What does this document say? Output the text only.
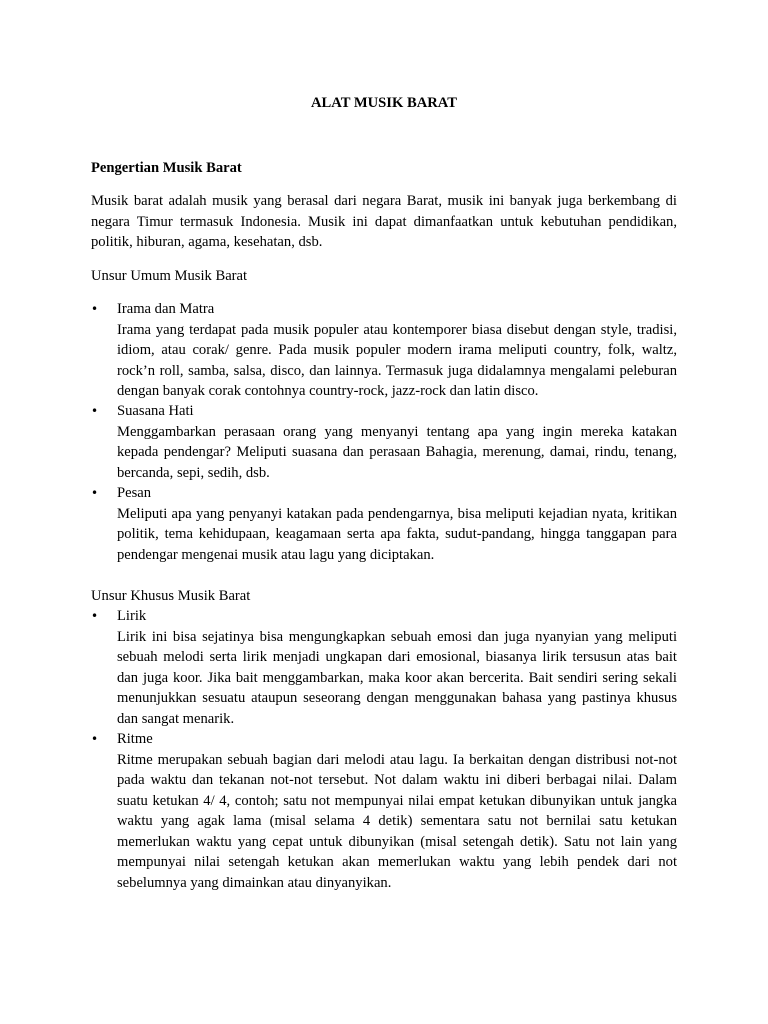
ALAT MUSIK BARAT
Pengertian Musik Barat
Musik barat adalah musik yang berasal dari negara Barat, musik ini banyak juga berkembang di negara Timur termasuk Indonesia. Musik ini dapat dimanfaatkan untuk kebutuhan pendidikan, politik, hiburan, agama, kesehatan, dsb.
Unsur Umum Musik Barat
•	Irama dan Matra

Irama yang terdapat pada musik populer atau kontemporer biasa disebut dengan style, tradisi, idiom, atau corak/ genre. Pada musik populer modern irama meliputi country, folk, waltz, rock’n roll, samba, salsa, disco, dan lainnya. Termasuk juga didalamnya mengalami peleburan dengan banyak corak contohnya country-rock, jazz-rock dan latin disco.

•	Suasana Hati

Menggambarkan perasaan orang yang menyanyi tentang apa yang ingin mereka katakan kepada pendengar? Meliputi suasana dan perasaan Bahagia, merenung, damai, rindu, tenang, bercanda, sepi, sedih, dsb.

•	Pesan

Meliputi apa yang penyanyi katakan pada pendengarnya, bisa meliputi kejadian nyata, kritikan politik, tema kehidupaan, keagamaan serta apa fakta, sudut-pandang, hingga tanggapan para pendengar mengenai musik atau lagu yang diciptakan.

Unsur Khusus Musik Barat
•	Lirik

Lirik ini bisa sejatinya bisa mengungkapkan sebuah emosi dan juga nyanyian yang meliputi sebuah melodi serta lirik menjadi ungkapan dari emosional, biasanya lirik tersusun atas bait dan juga koor. Jika bait menggambarkan, maka koor akan bercerita. Bait sendiri sering sekali menunjukkan sesuatu ataupun seseorang dengan menggunakan bahasa yang pastinya khusus dan sangat menarik.

•	Ritme

Ritme merupakan sebuah bagian dari melodi atau lagu. Ia berkaitan dengan distribusi not-not pada waktu dan tekanan not-not tersebut. Not dalam waktu ini diberi berbagai nilai. Dalam suatu ketukan 4/ 4, contoh; satu not mempunyai nilai empat ketukan dibunyikan untuk jangka waktu yang agak lama (misal selama 4 detik) sementara satu not bernilai satu ketukan memerlukan waktu yang cepat untuk dibunyikan (misal setengah detik). Satu not lain yang mempunyai nilai setengah ketukan akan memerlukan waktu yang lebih pendek dari not sebelumnya yang dimainkan atau dinyanyikan.
